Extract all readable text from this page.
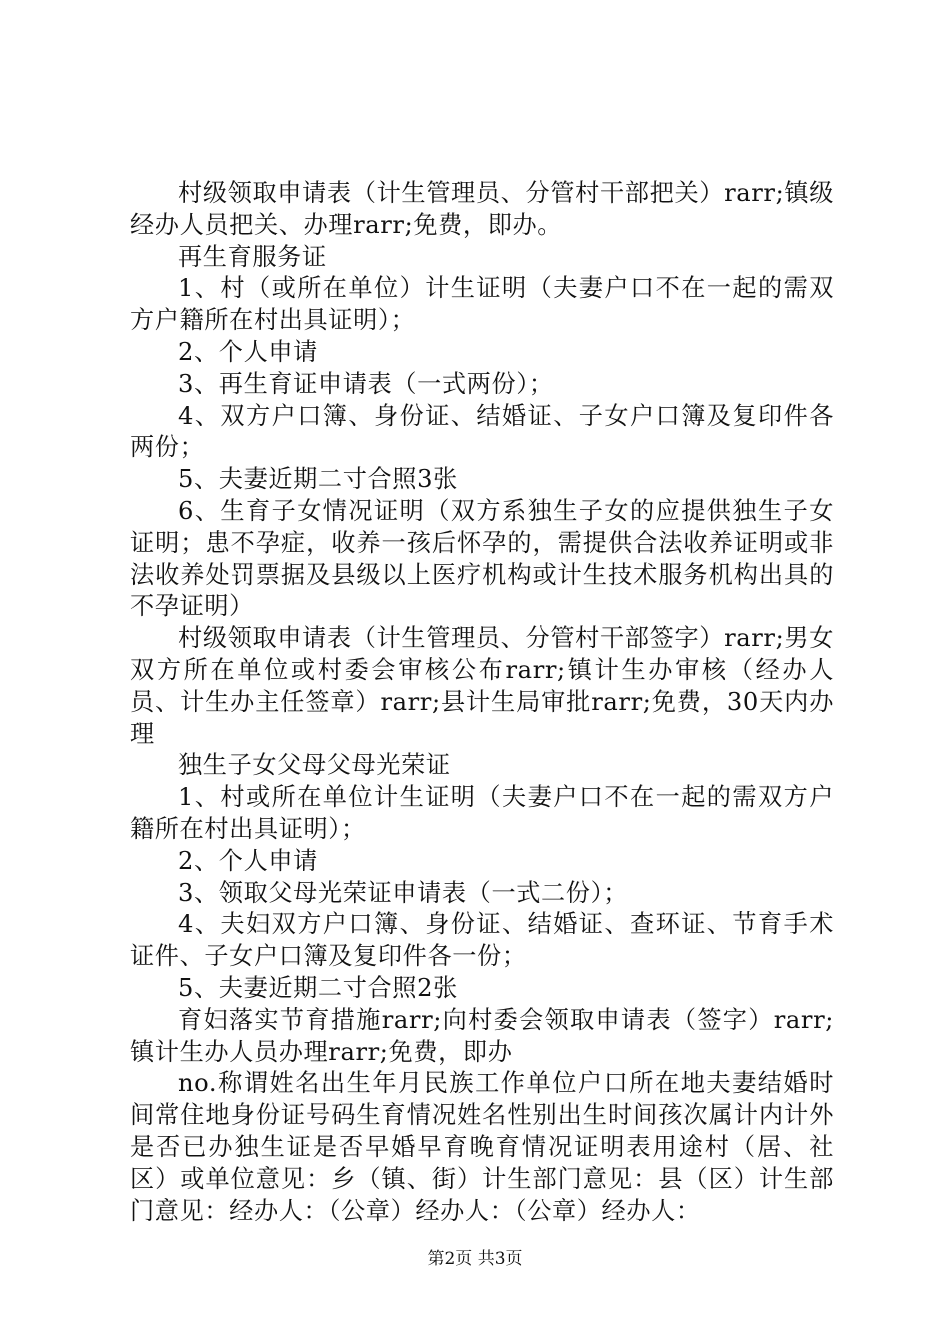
村级领取申请表（计生管理员、分管村干部把关）rarr;镇级经办人员把关、办理rarr;免费，即办。

再生育服务证

1、村（或所在单位）计生证明（夫妻户口不在一起的需双方户籍所在村出具证明）；

2、个人申请

3、再生育证申请表（一式两份）；

4、双方户口簿、身份证、结婚证、子女户口簿及复印件各两份；

5、夫妻近期二寸合照3张

6、生育子女情况证明（双方系独生子女的应提供独生子女证明；患不孕症，收养一孩后怀孕的，需提供合法收养证明或非法收养处罚票据及县级以上医疗机构或计生技术服务机构出具的不孕证明）

村级领取申请表（计生管理员、分管村干部签字）rarr;男女双方所在单位或村委会审核公布rarr;镇计生办审核（经办人员、计生办主任签章）rarr;县计生局审批rarr;免费，30天内办理

独生子女父母父母光荣证

1、村或所在单位计生证明（夫妻户口不在一起的需双方户籍所在村出具证明）；

2、个人申请

3、领取父母光荣证申请表（一式二份）；

4、夫妇双方户口簿、身份证、结婚证、查环证、节育手术证件、子女户口簿及复印件各一份；

5、夫妻近期二寸合照2张

育妇落实节育措施rarr;向村委会领取申请表（签字）rarr;镇计生办人员办理rarr;免费，即办

no.称谓姓名出生年月民族工作单位户口所在地夫妻结婚时间常住地身份证号码生育情况姓名性别出生时间孩次属计内计外是否已办独生证是否早婚早育晚育情况证明表用途村（居、社区）或单位意见：乡（镇、街）计生部门意见：县（区）计生部门意见：经办人：（公章）经办人：（公章）经办人：

第2页 共3页
